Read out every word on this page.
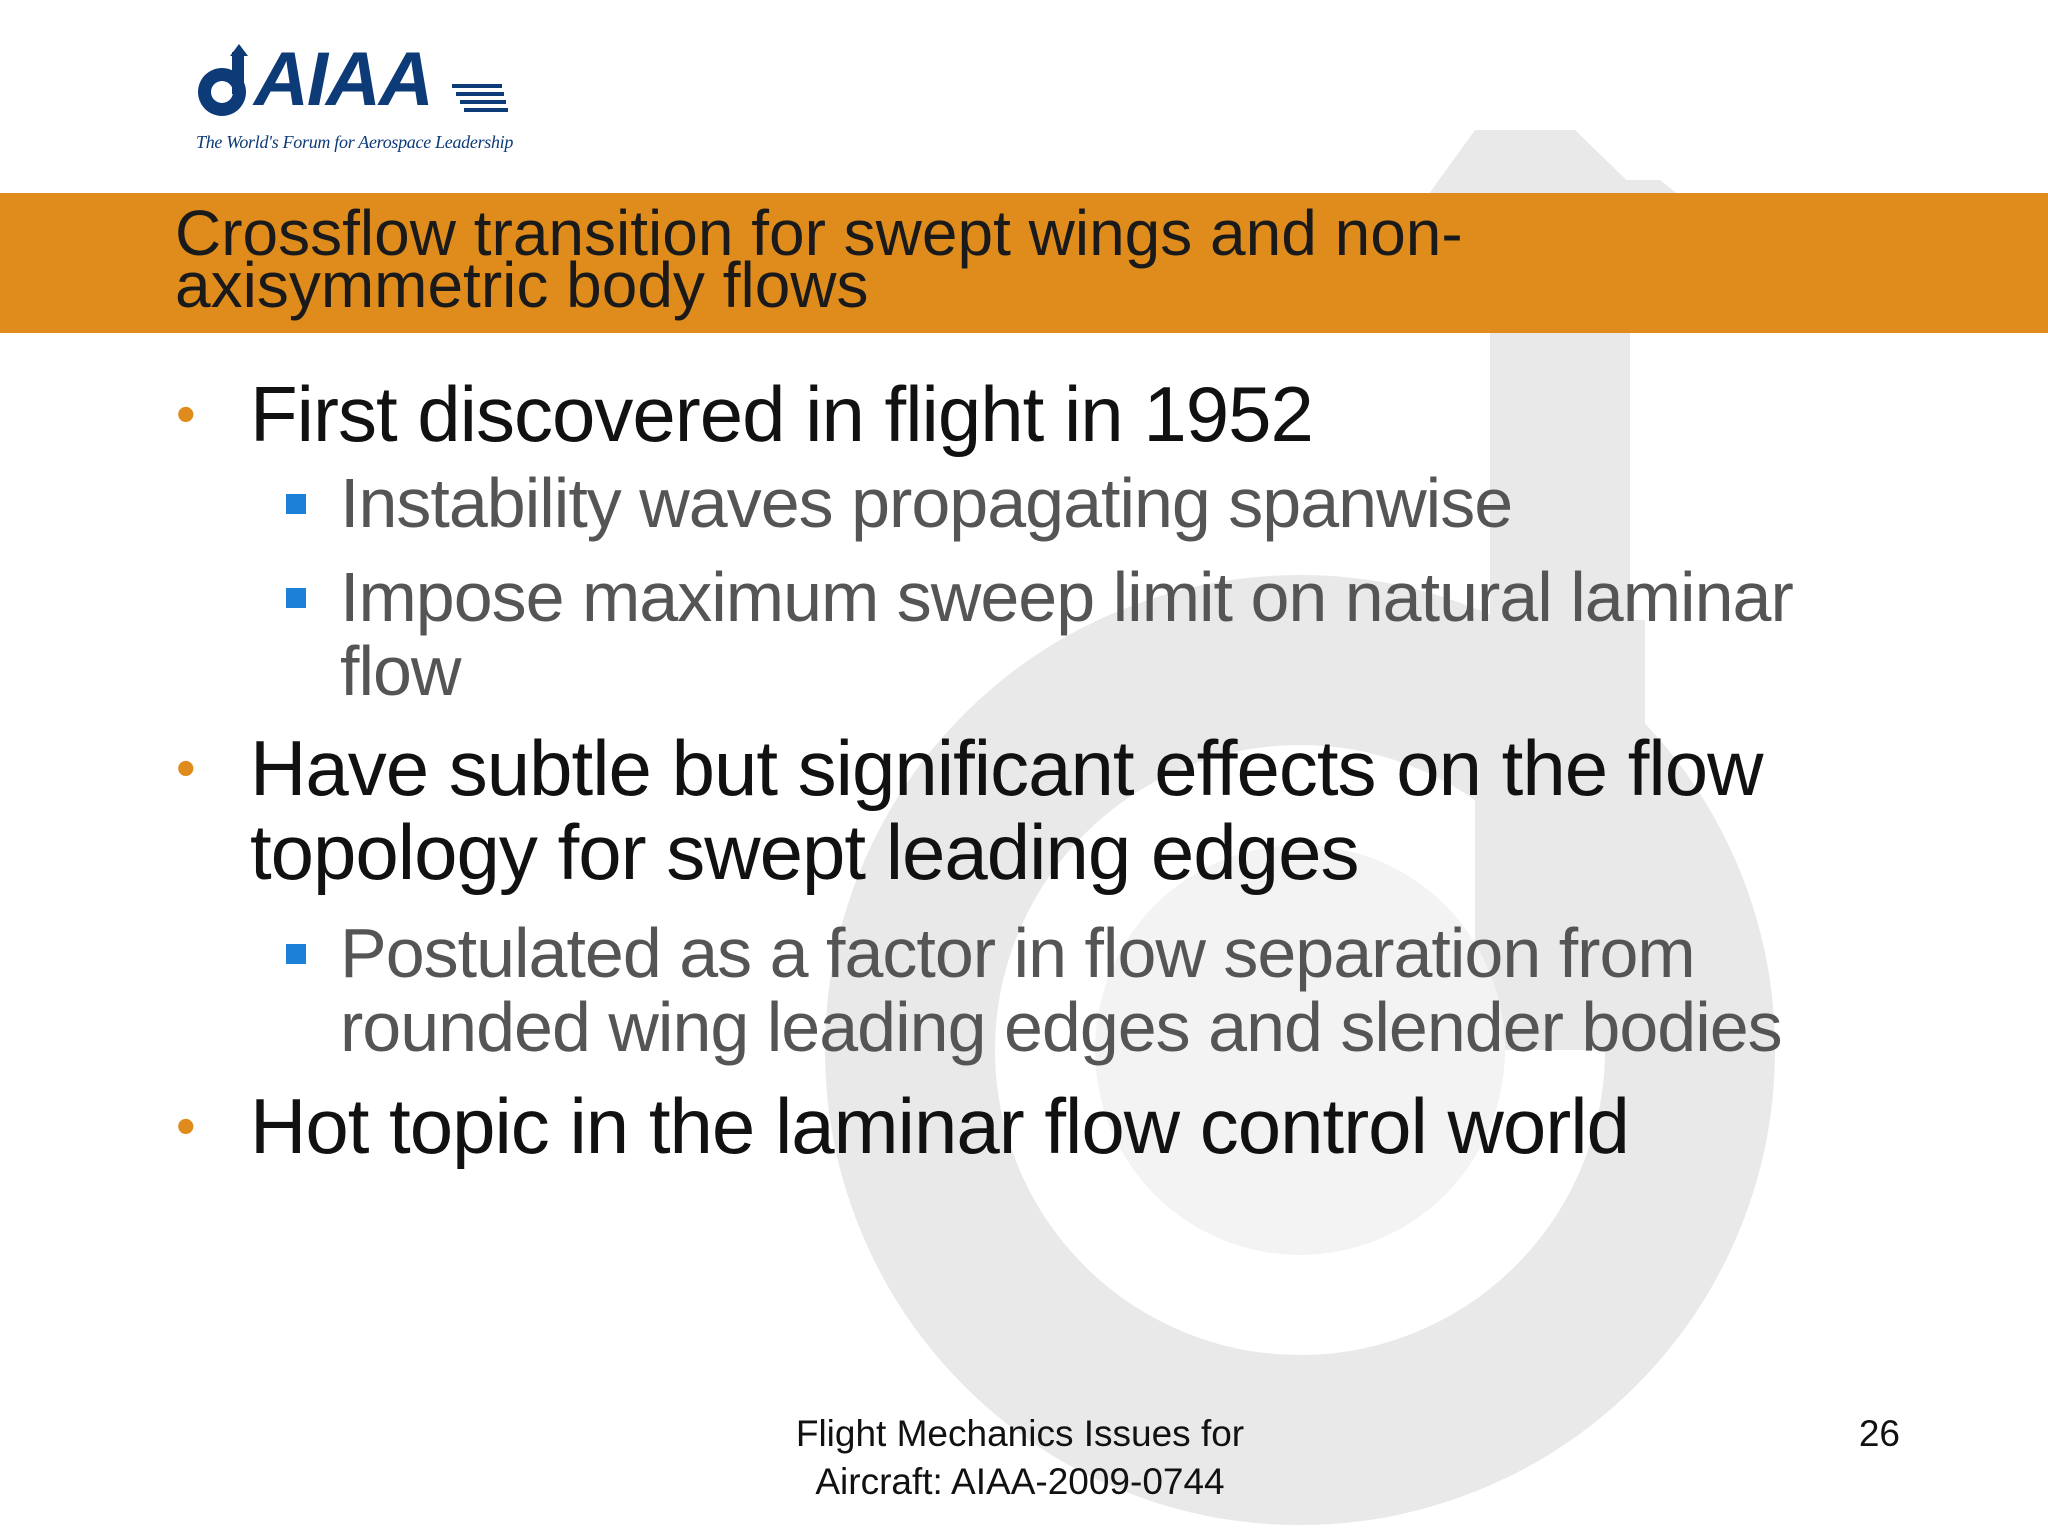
AIAA
The World's Forum for Aerospace Leadership
Crossflow transition for swept wings and non-
axisymmetric body flows
• First discovered in flight in 1952
Instability waves propagating spanwise
Impose maximum sweep limit on natural laminar flow
• Have subtle but significant effects on the flow
topology for swept leading edges
Postulated as a factor in flow separation from
rounded wing leading edges and slender bodies
• Hot topic in the laminar flow control world
Flight Mechanics Issues for
Aircraft: AIAA-2009-0744
26
